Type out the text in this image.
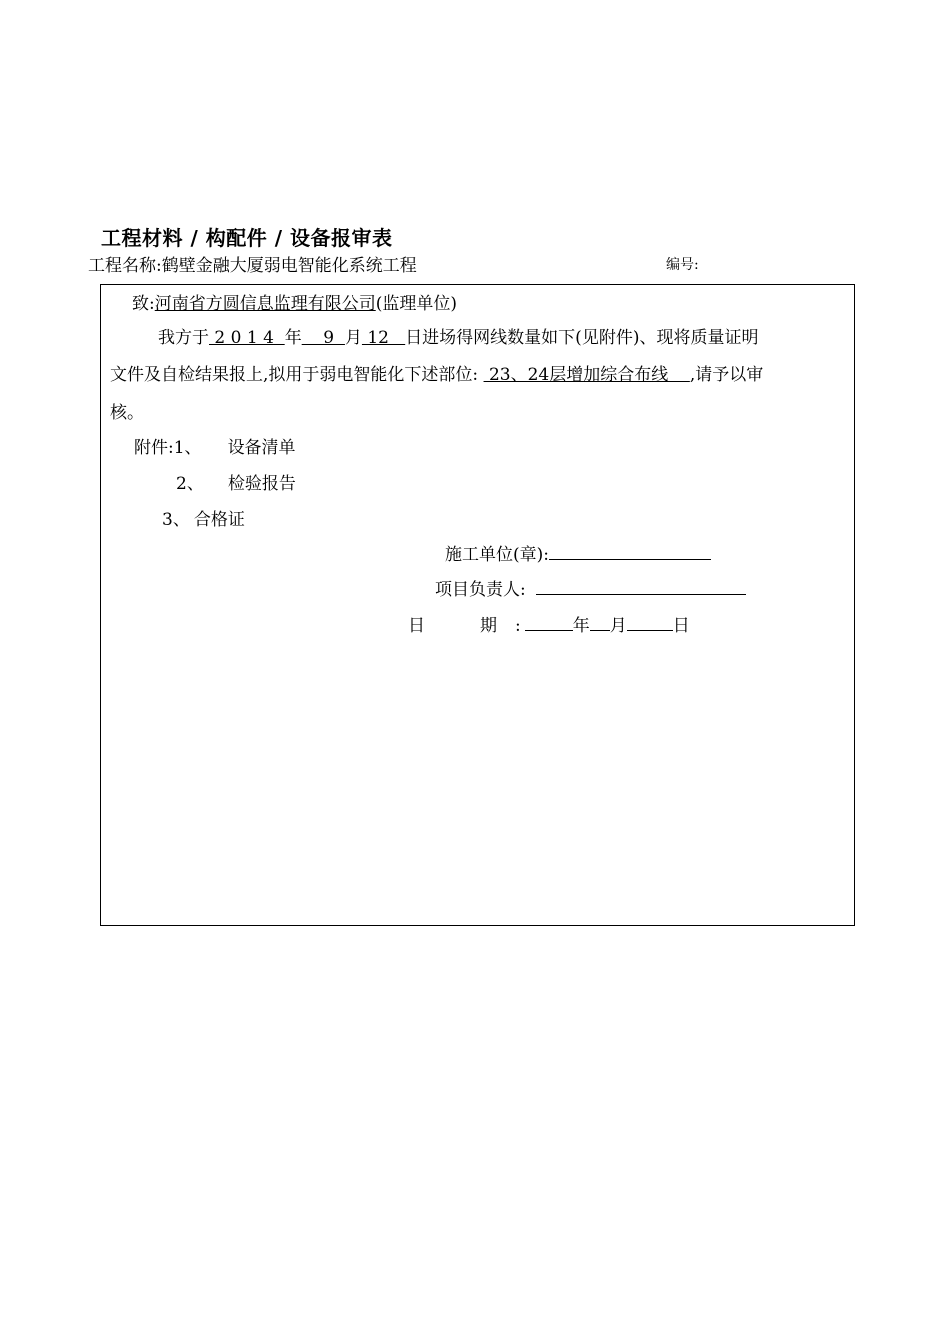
工程材料 / 构配件 / 设备报审表
工程名称:鹤壁金融大厦弱电智能化系统工程	编号:
致:河南省方圆信息监理有限公司(监理单位)
我方于 2 0 1 4  年    9  月 12   日进场得网线数量如下(见附件)、现将质量证明
文件及自检结果报上,拟用于弱电智能化下述部位:  23、24层增加综合布线    ,请予以审
核。
附件:1、 设备清单
2、 检验报告
3、 合格证
施工单位(章):
项目负责人:
日	期 :	年 月	日
